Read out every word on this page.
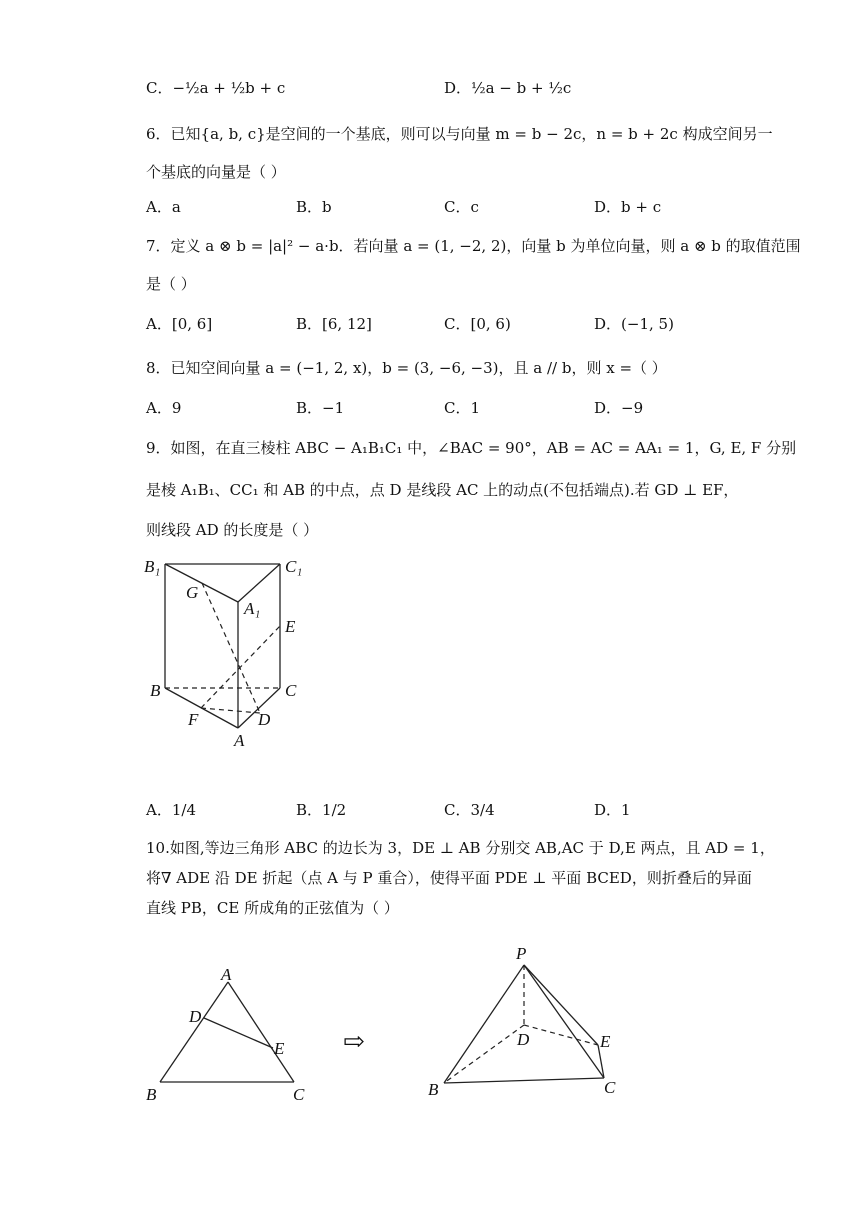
C．−½a + ½b + c	D．½a − b + ½c
6．已知{a, b, c}是空间的一个基底，则可以与向量 m = b − 2c，n = b + 2c 构成空间另一
个基底的向量是（ ）
A．a	B．b	C．c	D．b + c
7．定义 a ⊗ b = |a|² − a·b．若向量 a = (1, −2, 2)，向量 b 为单位向量，则 a ⊗ b 的取值范围
是（ ）
A．[0, 6]	B．[6, 12]	C．[0, 6)	D．(−1, 5)
8．已知空间向量 a = (−1, 2, x)，b = (3, −6, −3)，且 a // b，则 x =（ ）
A．9	B．−1	C．1	D．−9
9．如图，在直三棱柱 ABC − A₁B₁C₁ 中，∠BAC = 90°，AB = AC = AA₁ = 1，G, E, F 分别
是棱 A₁B₁、CC₁ 和 AB 的中点，点 D 是线段 AC 上的动点(不包括端点).若 GD ⊥ EF，
则线段 AD 的长度是（ ）
B₁	C₁
G
A₁
E
B	C
F	D
A
A．1/4	B．1/2	C．3/4	D．1
10.如图,等边三角形 ABC 的边长为 3，DE ⊥ AB 分别交 AB,AC 于 D,E 两点，且 AD = 1，
将∇ ADE 沿 DE 折起（点 A 与 P 重合），使得平面 PDE ⊥ 平面 BCED，则折叠后的异面
直线 PB，CE 所成角的正弦值为（ ）
A
D
E
B	C
⇨
P
D	E
B	C
